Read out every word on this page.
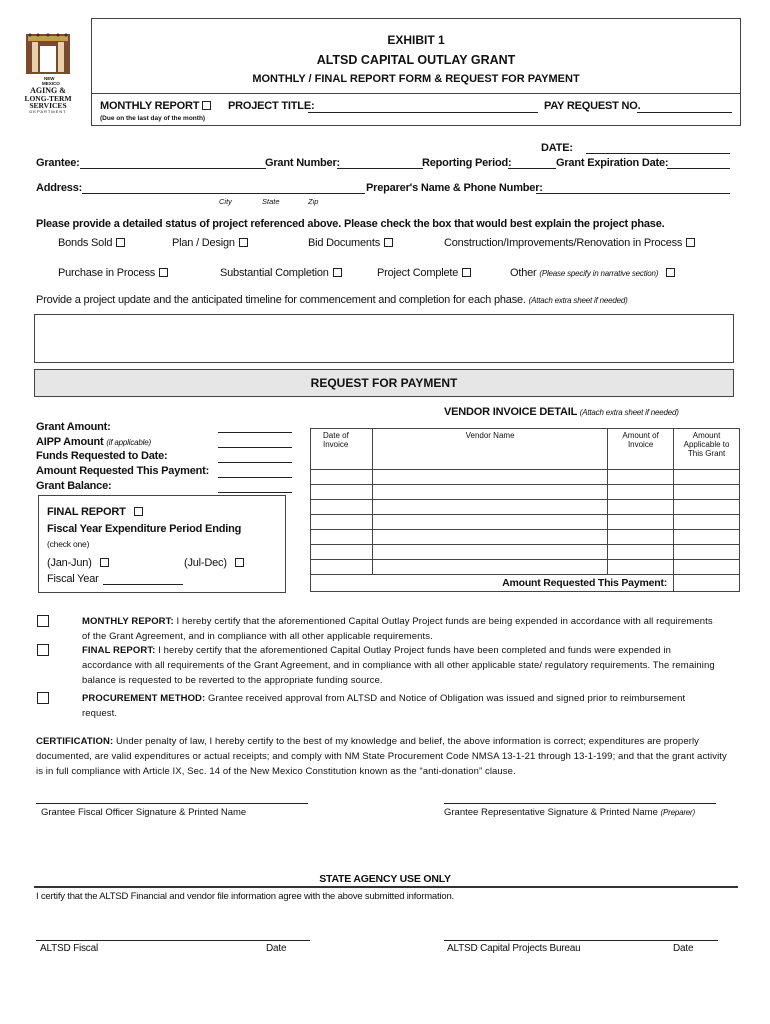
NEW
MEXICO
AGING &
LONG-TERM
SERVICES
DEPARTMENT
EXHIBIT 1
ALTSD CAPITAL OUTLAY GRANT
MONTHLY / FINAL REPORT FORM & REQUEST FOR PAYMENT
MONTHLY REPORT
(Due on the last day of the month)
PROJECT TITLE:	PAY REQUEST NO.
DATE:
Grantee:	Grant Number:	Reporting Period:	Grant Expiration Date:
Address:
City	State	Zip
Preparer's Name & Phone Number:
Please provide a detailed status of project referenced above. Please check the box that would best explain the project phase.
Bonds Sold	Plan / Design	Bid Documents	Construction/Improvements/Renovation in Process
Purchase in Process	Substantial Completion	Project Complete	Other (Please specify in narrative section)
Provide a project update and the anticipated timeline for commencement and completion for each phase. (Attach extra sheet if needed)
REQUEST FOR PAYMENT
Grant Amount:
AIPP Amount (if applicable)
Funds Requested to Date:
Amount Requested This Payment:
Grant Balance:
VENDOR INVOICE DETAIL (Attach extra sheet if needed)
Date of Invoice	Vendor Name	Amount of Invoice	Amount Applicable to This Grant

Amount Requested This Payment:			
FINAL REPORT
Fiscal Year Expenditure Period Ending
(check one)
(Jan-Jun)	(Jul-Dec)
Fiscal Year
MONTHLY REPORT: I hereby certify that the aforementioned Capital Outlay Project funds are being expended in accordance with all requirements of the Grant Agreement, and in compliance with all other applicable requirements.
FINAL REPORT: I hereby certify that the aforementioned Capital Outlay Project funds have been completed and funds were expended in accordance with all requirements of the Grant Agreement, and in compliance with all other applicable state/ regulatory requirements. The remaining balance is requested to be reverted to the appropriate funding source.
PROCUREMENT METHOD: Grantee received approval from ALTSD and Notice of Obligation was issued and signed prior to reimbursement request.
CERTIFICATION: Under penalty of law, I hereby certify to the best of my knowledge and belief, the above information is correct; expenditures are properly documented, are valid expenditures or actual receipts; and comply with NM State Procurement Code NMSA 13-1-21 through 13-1-199; and that the grant activity is in full compliance with Article IX, Sec. 14 of the New Mexico Constitution known as the “anti-donation” clause.
Grantee Fiscal Officer Signature & Printed Name	Grantee Representative Signature & Printed Name (Preparer)
STATE AGENCY USE ONLY
I certify that the ALTSD Financial and vendor file information agree with the above submitted information.
ALTSD Fiscal	Date	ALTSD Capital Projects Bureau	Date
